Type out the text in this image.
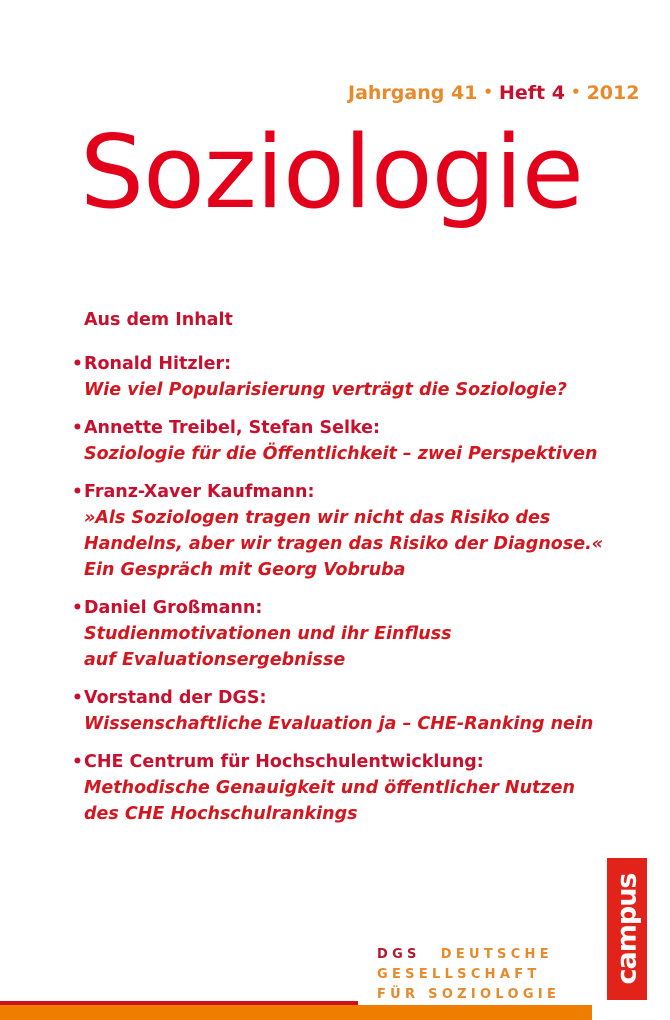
Jahrgang 41 • Heft 4 • 2012
Soziologie
Aus dem Inhalt
• Ronald Hitzler:
Wie viel Popularisierung verträgt die Soziologie?
• Annette Treibel, Stefan Selke:
Soziologie für die Öffentlichkeit – zwei Perspektiven
• Franz-Xaver Kaufmann:
»Als Soziologen tragen wir nicht das Risiko des
Handelns, aber wir tragen das Risiko der Diagnose.«
Ein Gespräch mit Georg Vobruba
• Daniel Großmann:
Studienmotivationen und ihr Einfluss
auf Evaluationsergebnisse
• Vorstand der DGS:
Wissenschaftliche Evaluation ja – CHE-Ranking nein
• CHE Centrum für Hochschulentwicklung:
Methodische Genauigkeit und öffentlicher Nutzen
des CHE Hochschulrankings
campus
DGS DEUTSCHE
GESELLSCHAFT
FÜR SOZIOLOGIE
